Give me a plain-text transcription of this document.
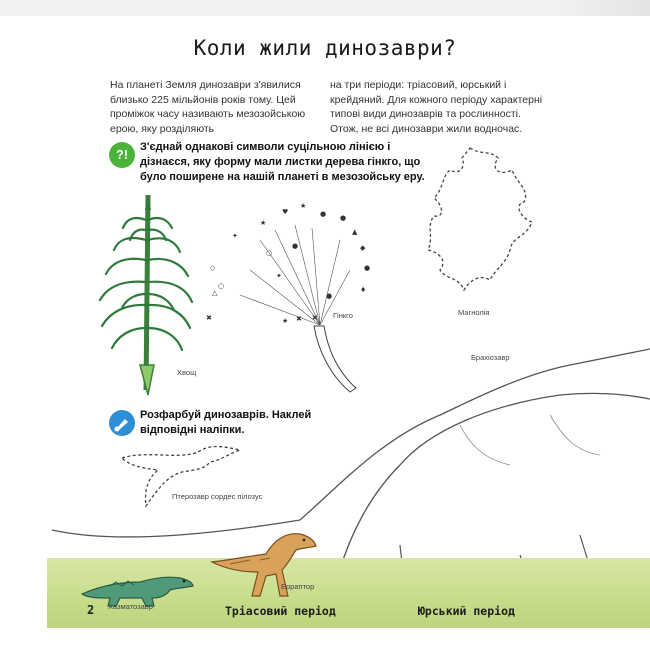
Коли жили динозаври?
На планеті Земля динозаври з'явилися близько 225 мільйонів років тому. Цей проміжок часу називають мезозойською ерою, яку розділяють
на три періоди: тріасовий, юрський і крейдяний. Для кожного періоду характерні типові види динозаврів та рослинності. Отож, не всі динозаври жили водночас.
?!	З'єднай однакові символи суцільною лінією і дізнаєся, яку форму мали листки дерева гінкго, що було поширене на нашій планеті в мезозойську еру.
Хвощ
✦
★
♥
★
● ●
▲
◆
●
♦
●
✖
✖
★
◇
△
✖
○
○
●
✦
Гінкго	Магнолія
Брахіозавр
Розфарбуй динозаврів. Наклей відповідні наліпки.
Птерозавр сордес пілозус
Еораптор
Хазматозавр
2	Тріасовий період	Юрський період
